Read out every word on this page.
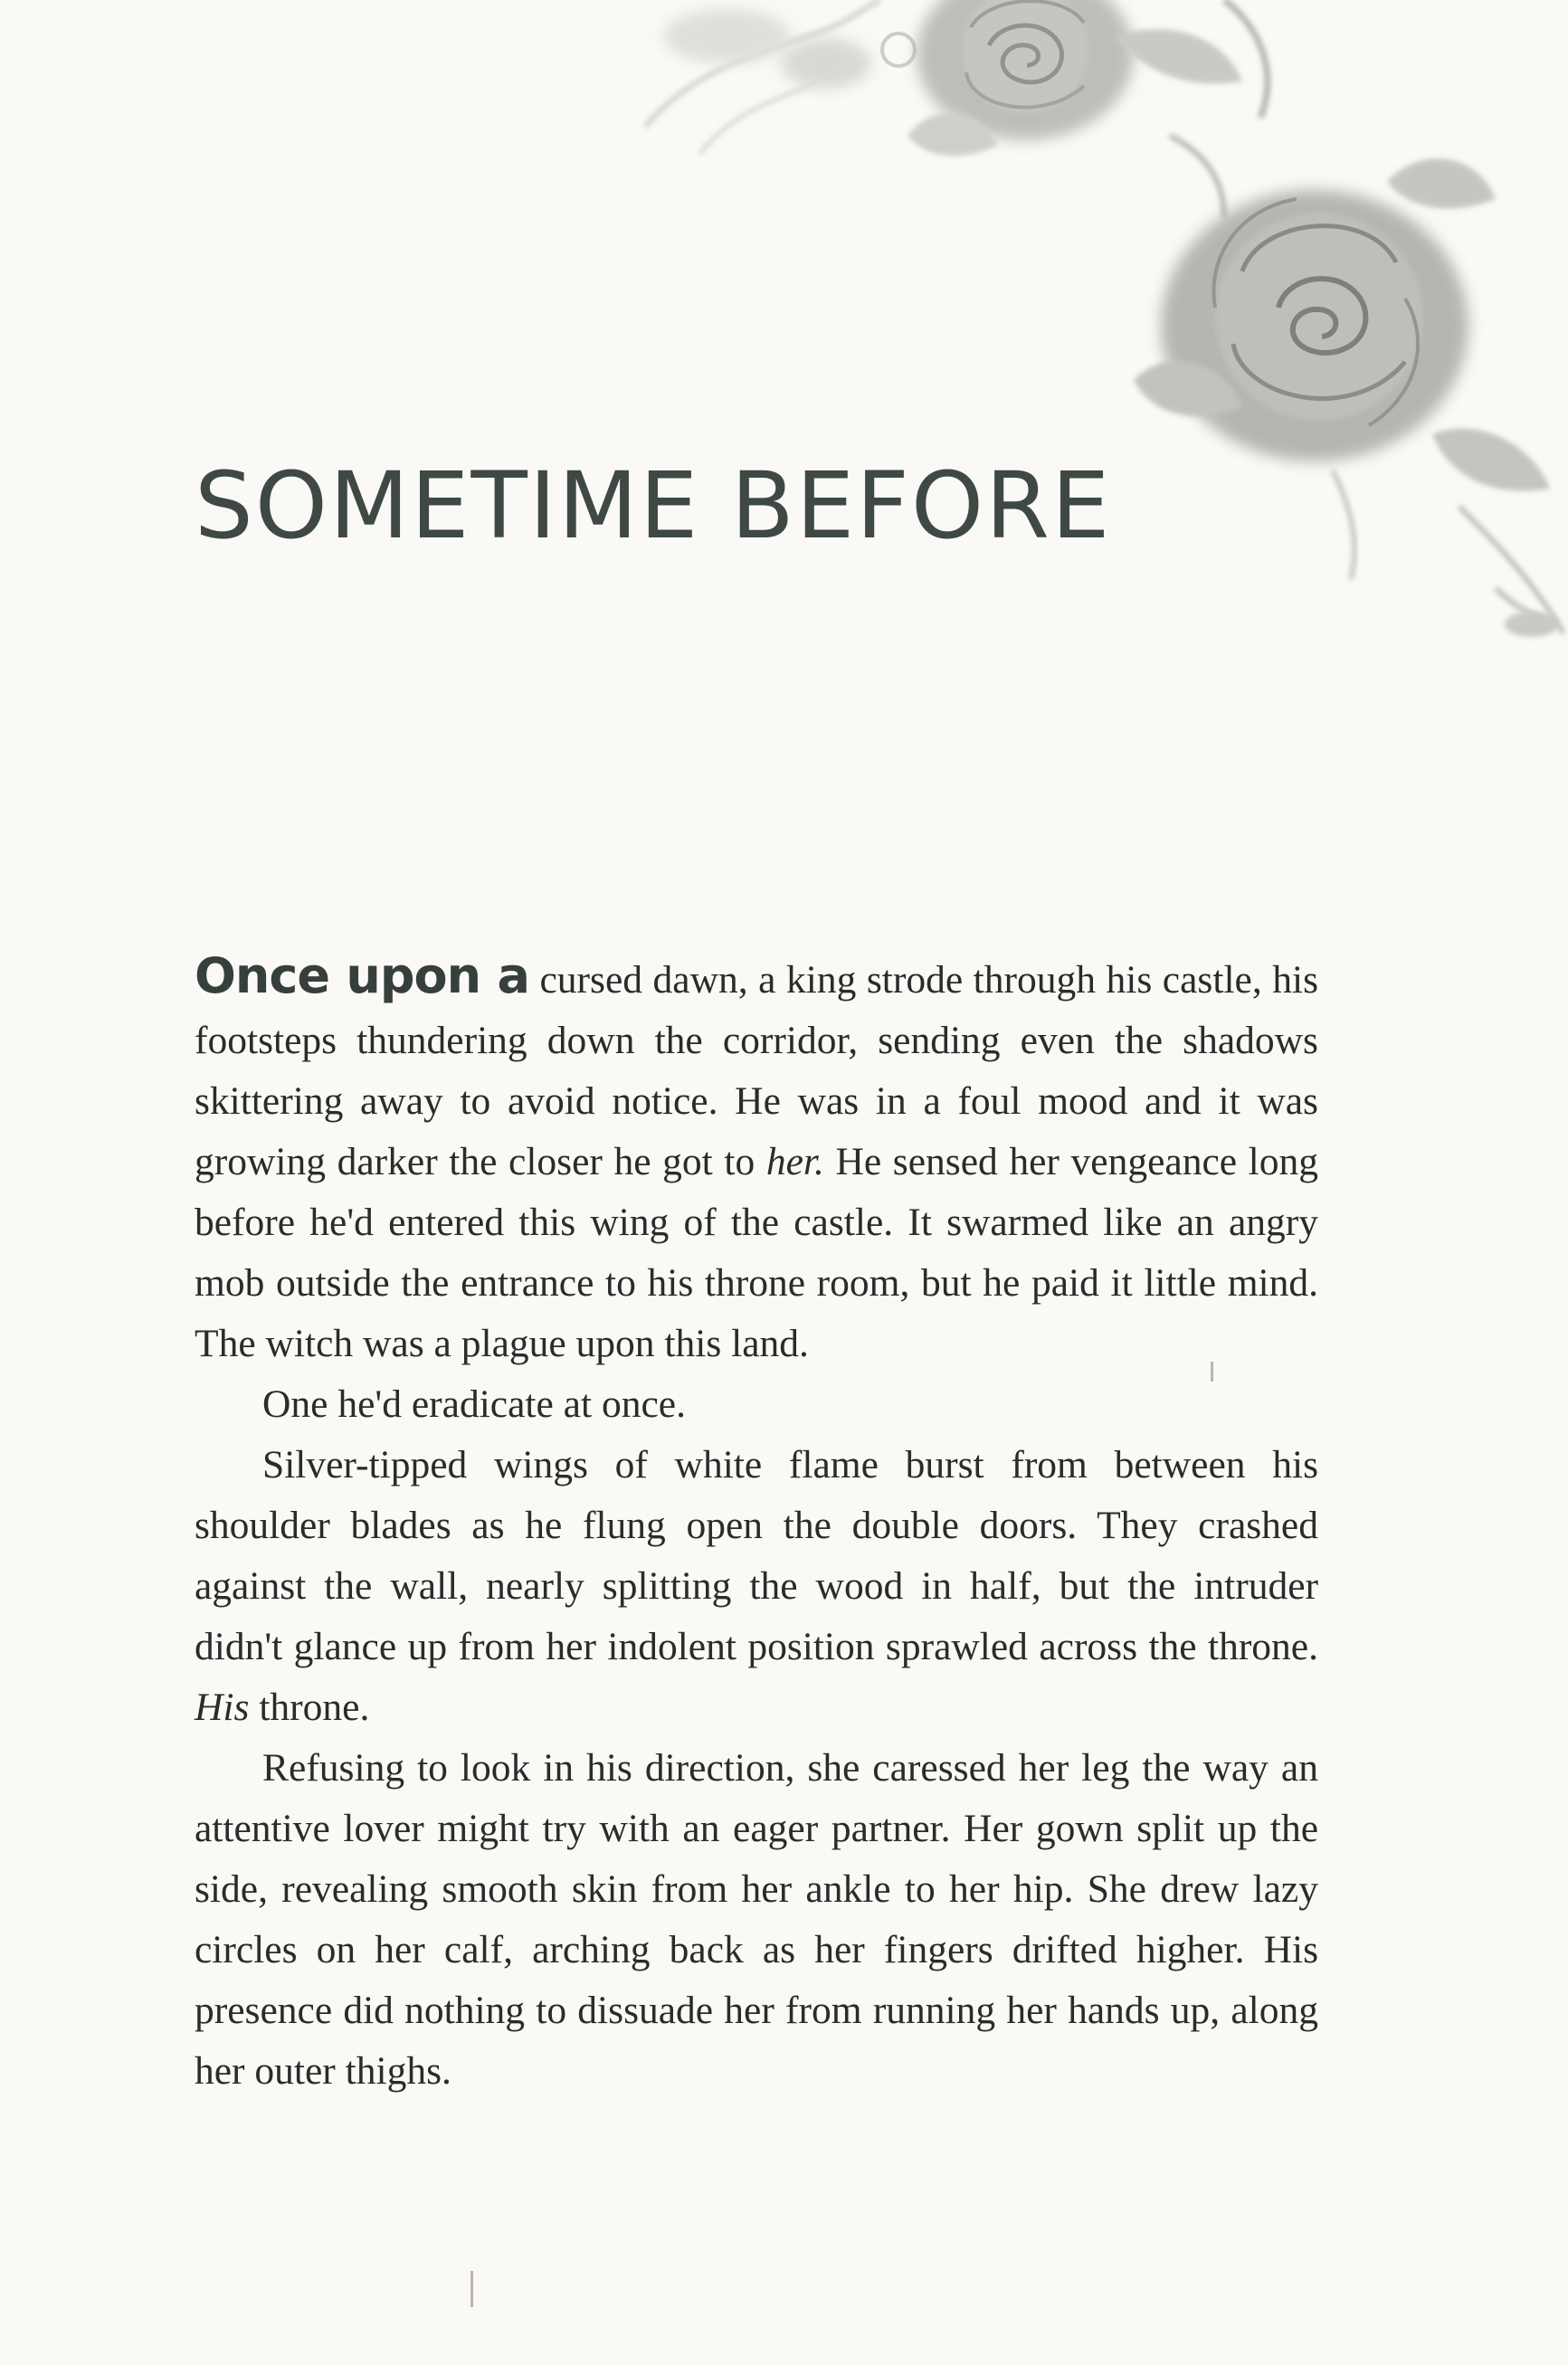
SOMETIME BEFORE

Once upon a cursed dawn, a king strode through his castle, his footsteps thundering down the corridor, sending even the shadows skittering away to avoid notice. He was in a foul mood and it was growing darker the closer he got to her. He sensed her vengeance long before he'd entered this wing of the castle. It swarmed like an angry mob outside the entrance to his throne room, but he paid it little mind. The witch was a plague upon this land.

One he'd eradicate at once.

Silver-tipped wings of white flame burst from between his shoulder blades as he flung open the double doors. They crashed against the wall, nearly splitting the wood in half, but the intruder didn't glance up from her indolent position sprawled across the throne. His throne.

Refusing to look in his direction, she caressed her leg the way an attentive lover might try with an eager partner. Her gown split up the side, revealing smooth skin from her ankle to her hip. She drew lazy circles on her calf, arching back as her fingers drifted higher. His presence did nothing to dissuade her from running her hands up, along her outer thighs.
